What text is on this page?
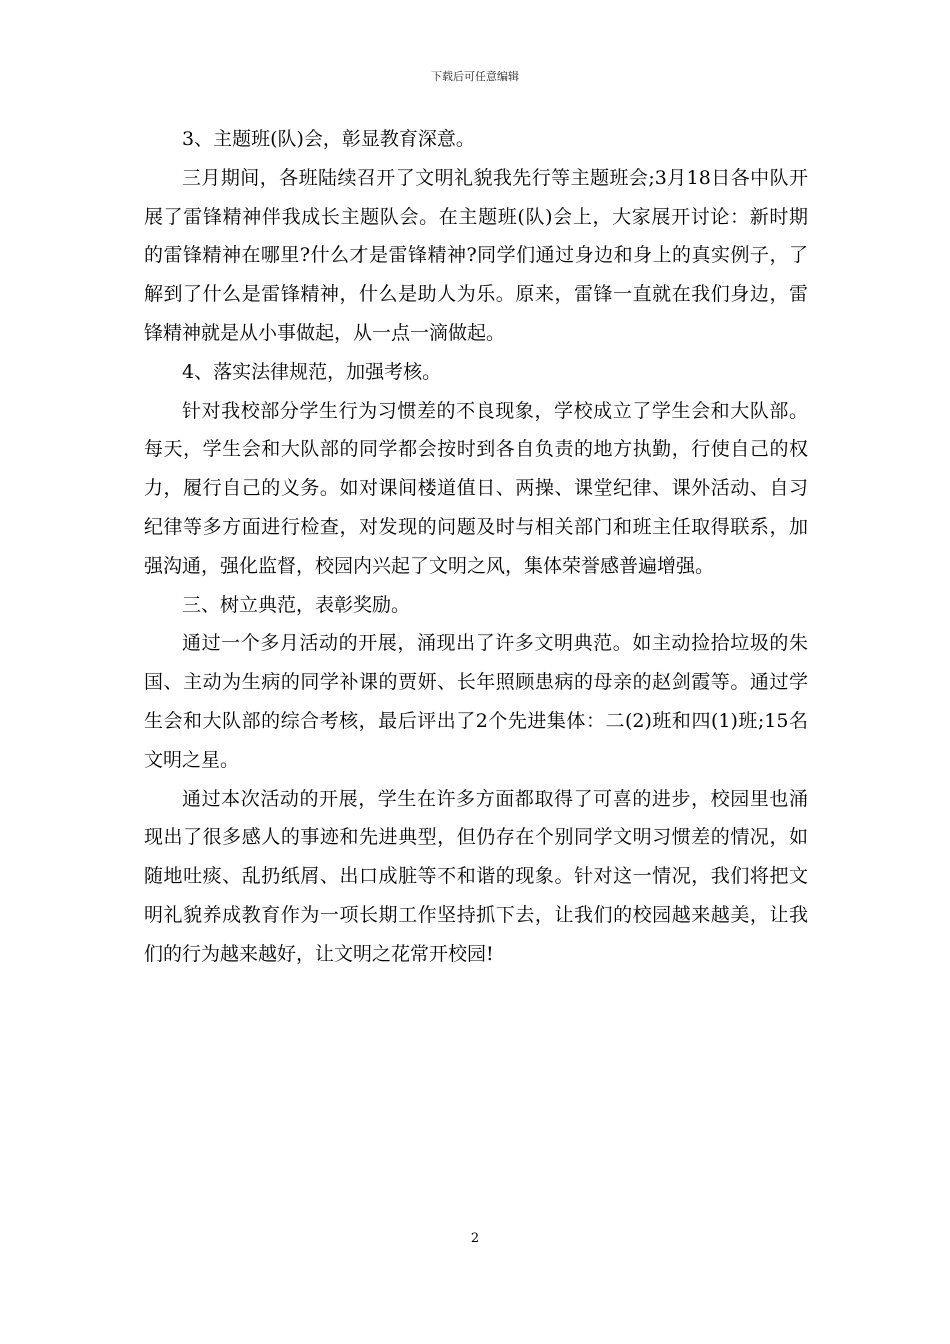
下载后可任意编辑
3、主题班(队)会，彰显教育深意。
三月期间，各班陆续召开了文明礼貌我先行等主题班会;3月18日各中队开
展了雷锋精神伴我成长主题队会。在主题班(队)会上，大家展开讨论：新时期
的雷锋精神在哪里?什么才是雷锋精神?同学们通过身边和身上的真实例子，了
解到了什么是雷锋精神，什么是助人为乐。原来，雷锋一直就在我们身边，雷
锋精神就是从小事做起，从一点一滴做起。
4、落实法律规范，加强考核。
针对我校部分学生行为习惯差的不良现象，学校成立了学生会和大队部。
每天，学生会和大队部的同学都会按时到各自负责的地方执勤，行使自己的权
力，履行自己的义务。如对课间楼道值日、两操、课堂纪律、课外活动、自习
纪律等多方面进行检查，对发现的问题及时与相关部门和班主任取得联系，加
强沟通，强化监督，校园内兴起了文明之风，集体荣誉感普遍增强。
三、树立典范，表彰奖励。
通过一个多月活动的开展，涌现出了许多文明典范。如主动捡拾垃圾的朱
国、主动为生病的同学补课的贾妍、长年照顾患病的母亲的赵剑霞等。通过学
生会和大队部的综合考核，最后评出了2个先进集体：二(2)班和四(1)班;15名
文明之星。
通过本次活动的开展，学生在许多方面都取得了可喜的进步，校园里也涌
现出了很多感人的事迹和先进典型，但仍存在个别同学文明习惯差的情况，如
随地吐痰、乱扔纸屑、出口成脏等不和谐的现象。针对这一情况，我们将把文
明礼貌养成教育作为一项长期工作坚持抓下去，让我们的校园越来越美，让我
们的行为越来越好，让文明之花常开校园!
2
